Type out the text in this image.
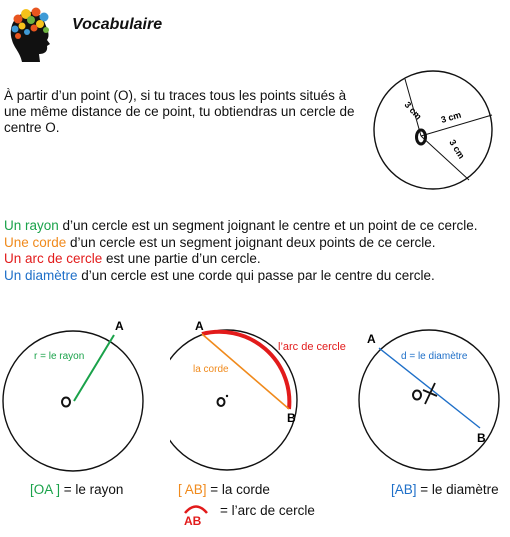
Vocabulaire
À partir d’un point (O), si tu traces tous les points situés à une même distance de ce point, tu obtiendras un cercle de centre O.
3 cm 3 cm
3 cm
Un rayon d’un cercle est un segment joignant le centre et un point de ce cercle.
Une corde d’un cercle est un segment joignant deux points de ce cercle.
Un arc de cercle est une partie d’un cercle.
Un diamètre d’un cercle est une corde qui passe par le centre du cercle.
A
r = le rayon
A
B
la corde
l’arc de cercle
A
B
d = le diamètre
[OA ] = le rayon	[ AB] = la corde	[AB] = le diamètre
AB
= l’arc de cercle
